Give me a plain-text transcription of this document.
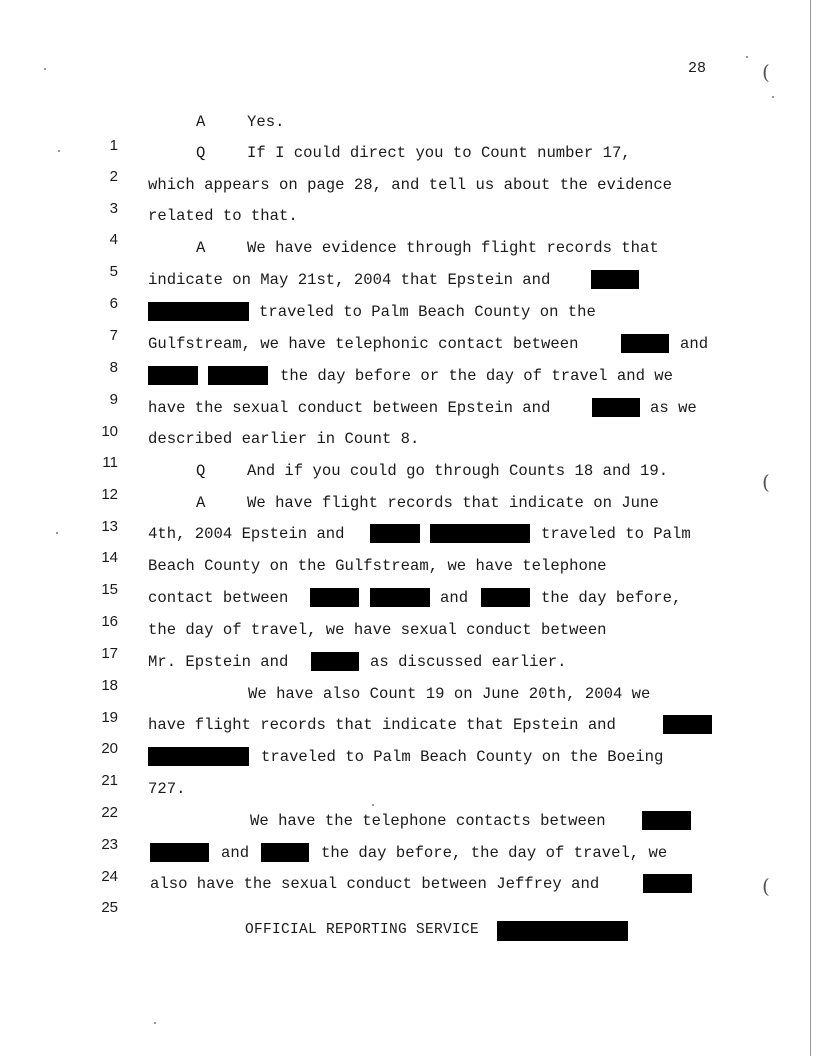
(
(
(
28

1

A

	Yes.

2

Q

	If I could direct you to Count number 17,

3

which appears on page 28, and tell us about the evidence

4

related to that.

5

A

	We have evidence through flight records that

6

indicate on May 21st, 2004 that Epstein and

7

traveled to Palm Beach County on the

8

Gulfstream, we have telephonic contact between

	and

9

the day before or the day of travel and we

10

have the sexual conduct between Epstein and

	as we

11

described earlier in Count 8.

12

Q

	And if you could go through Counts 18 and 19.

13

A

	We have flight records that indicate on June

14

4th, 2004 Epstein and

	traveled to Palm

15

Beach County on the Gulfstream, we have telephone

16

contact between

	and

	the day before,

17

the day of travel, we have sexual conduct between

18

Mr. Epstein and

	as discussed earlier.

19

We have also Count 19 on June 20th, 2004 we

20

have flight records that indicate that Epstein and

21

traveled to Palm Beach County on the Boeing

22

727.

23

We have the telephone contacts between

24

and

	the day before, the day of travel, we

25

also have the sexual conduct between Jeffrey and

OFFICIAL REPORTING SERVICE
